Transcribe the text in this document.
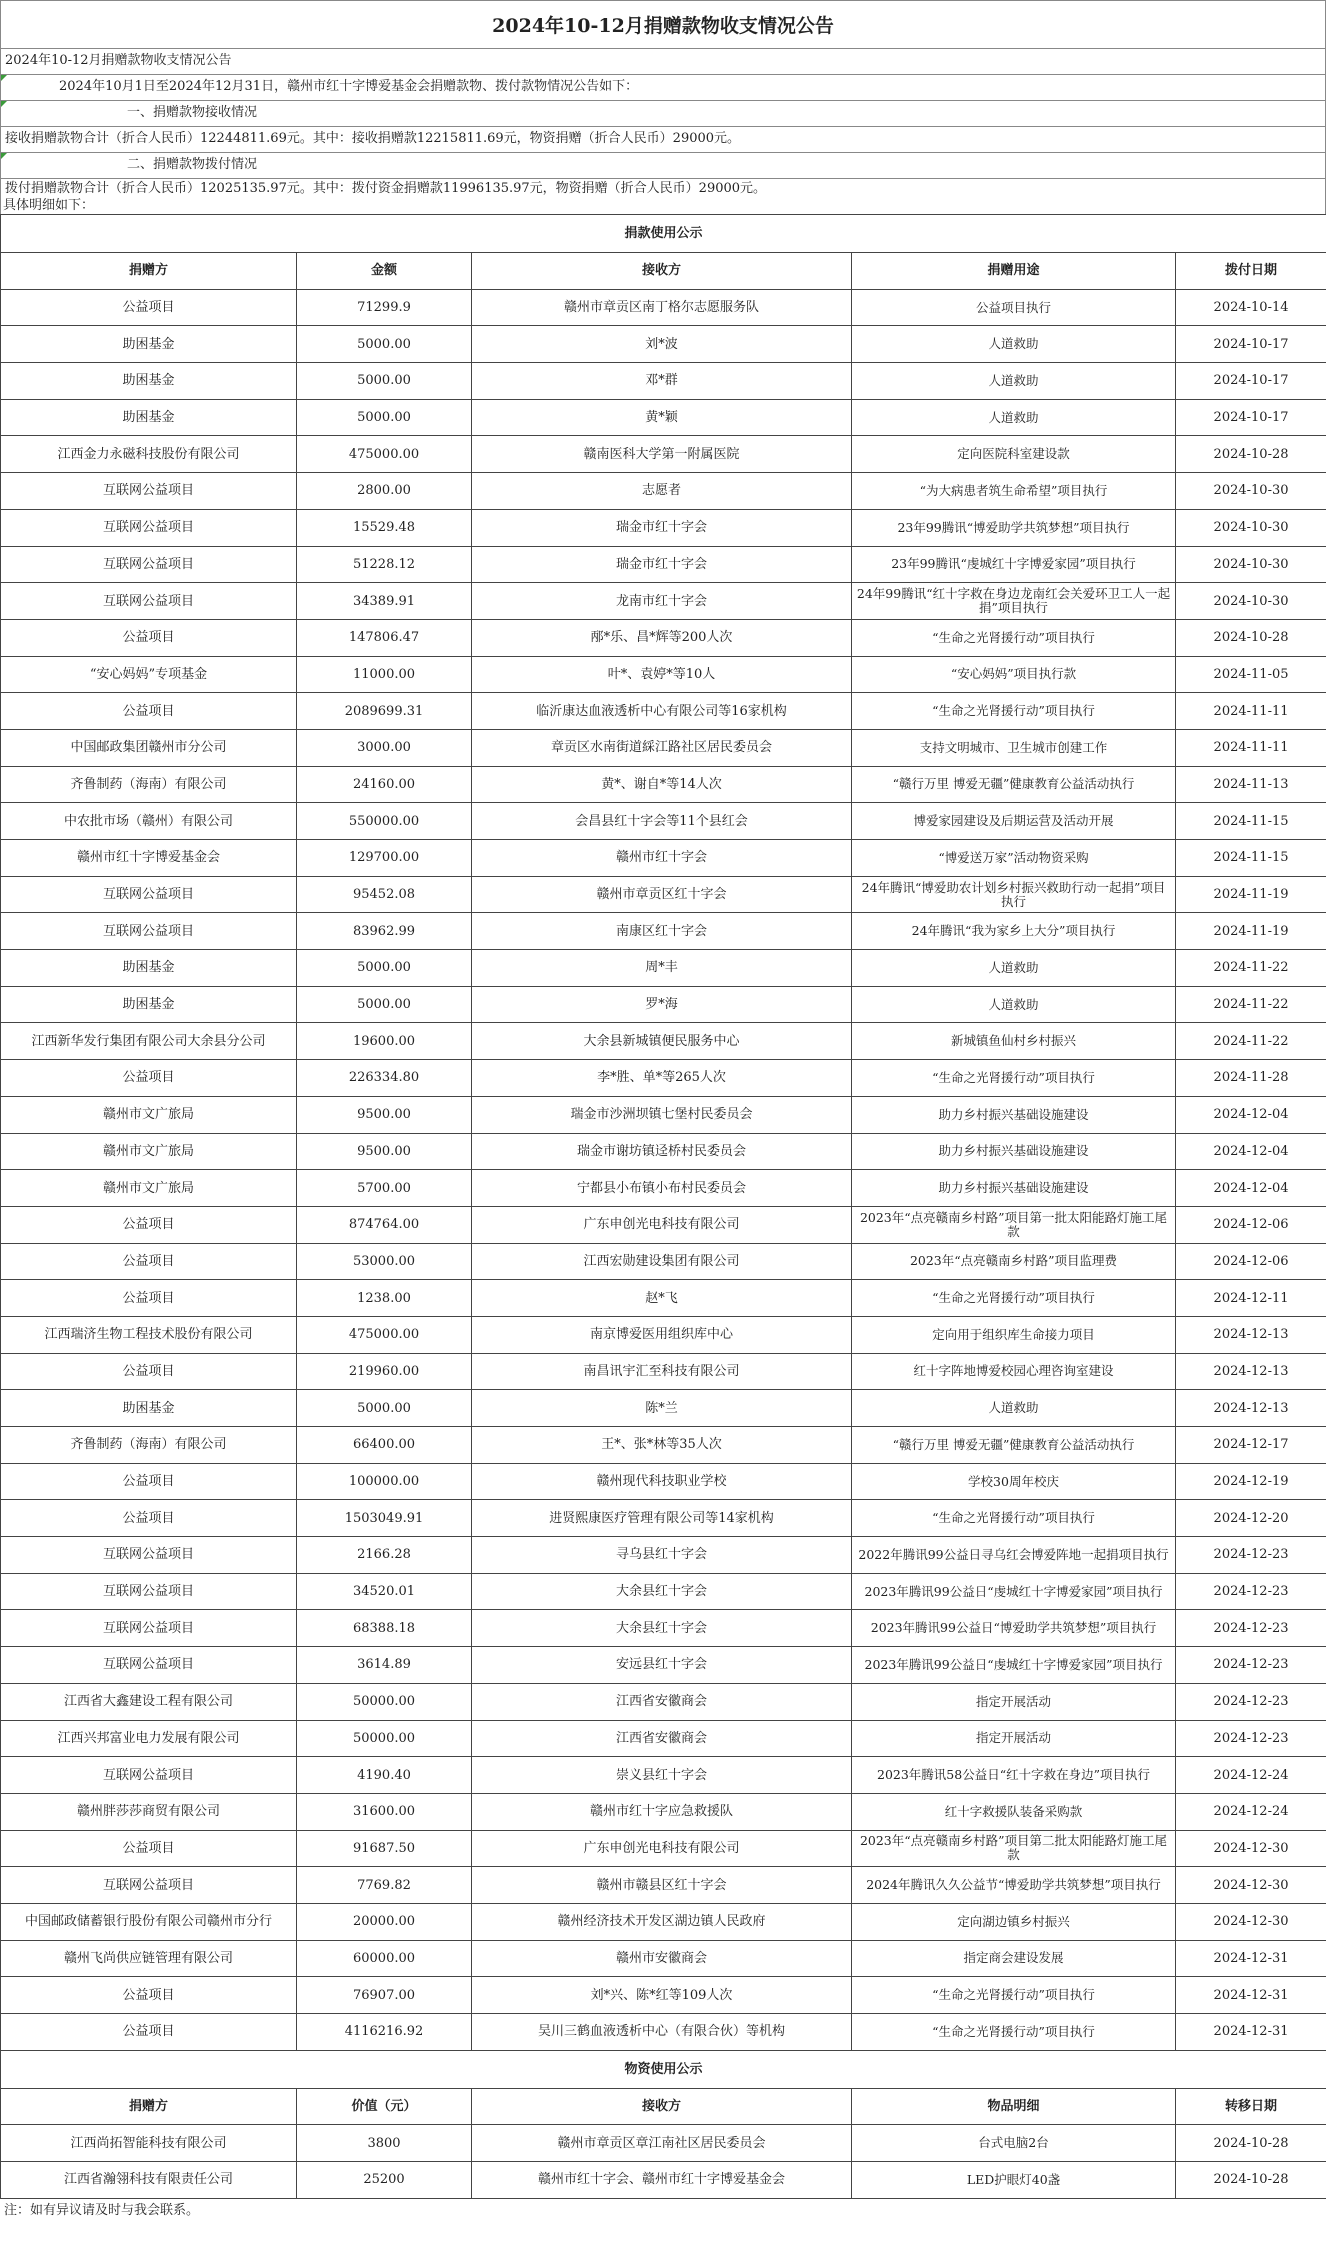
2024年10-12月捐赠款物收支情况公告
2024年10-12月捐赠款物收支情况公告
2024年10月1日至2024年12月31日，赣州市红十字博爱基金会捐赠款物、拨付款物情况公告如下：
一、捐赠款物接收情况
接收捐赠款物合计（折合人民币）12244811.69元。其中：接收捐赠款12215811.69元，物资捐赠（折合人民币）29000元。
二、捐赠款物拨付情况
拨付捐赠款物合计（折合人民币）12025135.97元。其中：拨付资金捐赠款11996135.97元，物资捐赠（折合人民币）29000元。
具体明细如下：
捐款使用公示				
捐赠方	金额	接收方	捐赠用途	拨付日期
公益项目	71299.9	赣州市章贡区南丁格尔志愿服务队	公益项目执行	2024-10-14
助困基金	5000.00	刘*波	人道救助	2024-10-17
助困基金	5000.00	邓*群	人道救助	2024-10-17
助困基金	5000.00	黄*颖	人道救助	2024-10-17
江西金力永磁科技股份有限公司	475000.00	赣南医科大学第一附属医院	定向医院科室建设款	2024-10-28
互联网公益项目	2800.00	志愿者	“为大病患者筑生命希望”项目执行	2024-10-30
互联网公益项目	15529.48	瑞金市红十字会	23年99腾讯“博爱助学共筑梦想”项目执行	2024-10-30
互联网公益项目	51228.12	瑞金市红十字会	23年99腾讯“虔城红十字博爱家园”项目执行	2024-10-30
互联网公益项目	34389.91	龙南市红十字会	24年99腾讯“红十字救在身边龙南红会关爱环卫工人一起捐”项目执行	2024-10-30
公益项目	147806.47	邴*乐、昌*辉等200人次	“生命之光肾援行动”项目执行	2024-10-28
“安心妈妈”专项基金	11000.00	叶*、袁婷*等10人	“安心妈妈”项目执行款	2024-11-05
公益项目	2089699.31	临沂康达血液透析中心有限公司等16家机构	“生命之光肾援行动”项目执行	2024-11-11
中国邮政集团赣州市分公司	3000.00	章贡区水南街道綵江路社区居民委员会	支持文明城市、卫生城市创建工作	2024-11-11
齐鲁制药（海南）有限公司	24160.00	黄*、谢自*等14人次	“赣行万里 博爱无疆”健康教育公益活动执行	2024-11-13
中农批市场（赣州）有限公司	550000.00	会昌县红十字会等11个县红会	博爱家园建设及后期运营及活动开展	2024-11-15
赣州市红十字博爱基金会	129700.00	赣州市红十字会	“博爱送万家”活动物资采购	2024-11-15
互联网公益项目	95452.08	赣州市章贡区红十字会	24年腾讯“博爱助农计划乡村振兴救助行动一起捐”项目执行	2024-11-19
互联网公益项目	83962.99	南康区红十字会	24年腾讯“我为家乡上大分”项目执行	2024-11-19
助困基金	5000.00	周*丰	人道救助	2024-11-22
助困基金	5000.00	罗*海	人道救助	2024-11-22
江西新华发行集团有限公司大余县分公司	19600.00	大余县新城镇便民服务中心	新城镇鱼仙村乡村振兴	2024-11-22
公益项目	226334.80	李*胜、单*等265人次	“生命之光肾援行动”项目执行	2024-11-28
赣州市文广旅局	9500.00	瑞金市沙洲坝镇七堡村民委员会	助力乡村振兴基础设施建设	2024-12-04
赣州市文广旅局	9500.00	瑞金市谢坊镇迳桥村民委员会	助力乡村振兴基础设施建设	2024-12-04
赣州市文广旅局	5700.00	宁都县小布镇小布村民委员会	助力乡村振兴基础设施建设	2024-12-04
公益项目	874764.00	广东申创光电科技有限公司	2023年“点亮赣南乡村路”项目第一批太阳能路灯施工尾款	2024-12-06
公益项目	53000.00	江西宏勋建设集团有限公司	2023年“点亮赣南乡村路”项目监理费	2024-12-06
公益项目	1238.00	赵*飞	“生命之光肾援行动”项目执行	2024-12-11
江西瑞济生物工程技术股份有限公司	475000.00	南京博爱医用组织库中心	定向用于组织库生命接力项目	2024-12-13
公益项目	219960.00	南昌讯宇汇至科技有限公司	红十字阵地博爱校园心理咨询室建设	2024-12-13
助困基金	5000.00	陈*兰	人道救助	2024-12-13
齐鲁制药（海南）有限公司	66400.00	王*、张*林等35人次	“赣行万里 博爱无疆”健康教育公益活动执行	2024-12-17
公益项目	100000.00	赣州现代科技职业学校	学校30周年校庆	2024-12-19
公益项目	1503049.91	进贤熙康医疗管理有限公司等14家机构	“生命之光肾援行动”项目执行	2024-12-20
互联网公益项目	2166.28	寻乌县红十字会	2022年腾讯99公益日寻乌红会博爱阵地一起捐项目执行	2024-12-23
互联网公益项目	34520.01	大余县红十字会	2023年腾讯99公益日“虔城红十字博爱家园”项目执行	2024-12-23
互联网公益项目	68388.18	大余县红十字会	2023年腾讯99公益日“博爱助学共筑梦想”项目执行	2024-12-23
互联网公益项目	3614.89	安远县红十字会	2023年腾讯99公益日“虔城红十字博爱家园”项目执行	2024-12-23
江西省大鑫建设工程有限公司	50000.00	江西省安徽商会	指定开展活动	2024-12-23
江西兴邦富业电力发展有限公司	50000.00	江西省安徽商会	指定开展活动	2024-12-23
互联网公益项目	4190.40	崇义县红十字会	2023年腾讯58公益日“红十字救在身边”项目执行	2024-12-24
赣州胖莎莎商贸有限公司	31600.00	赣州市红十字应急救援队	红十字救援队装备采购款	2024-12-24
公益项目	91687.50	广东申创光电科技有限公司	2023年“点亮赣南乡村路”项目第二批太阳能路灯施工尾款	2024-12-30
互联网公益项目	7769.82	赣州市赣县区红十字会	2024年腾讯久久公益节“博爱助学共筑梦想”项目执行	2024-12-30
中国邮政储蓄银行股份有限公司赣州市分行	20000.00	赣州经济技术开发区湖边镇人民政府	定向湖边镇乡村振兴	2024-12-30
赣州飞尚供应链管理有限公司	60000.00	赣州市安徽商会	指定商会建设发展	2024-12-31
公益项目	76907.00	刘*兴、陈*红等109人次	“生命之光肾援行动”项目执行	2024-12-31
公益项目	4116216.92	吴川三鹤血液透析中心（有限合伙）等机构	“生命之光肾援行动”项目执行	2024-12-31
物资使用公示				
捐赠方	价值（元）	接收方	物品明细	转移日期
江西尚拓智能科技有限公司	3800	赣州市章贡区章江南社区居民委员会	台式电脑2台	2024-10-28
江西省瀚翎科技有限责任公司	25200	赣州市红十字会、赣州市红十字博爱基金会	LED护眼灯40盏	2024-10-28
注：如有异议请及时与我会联系。
